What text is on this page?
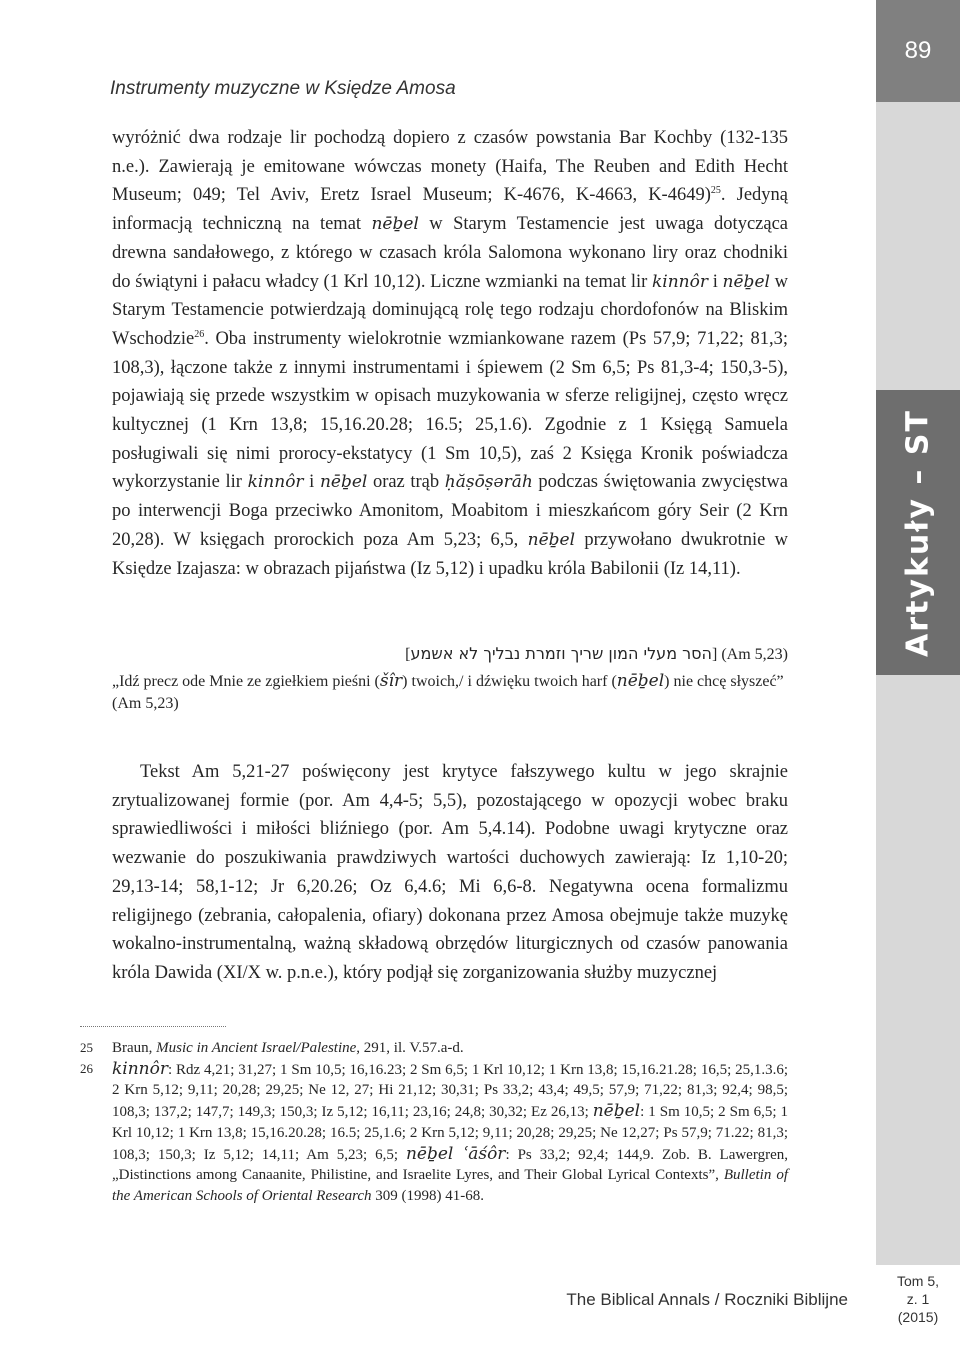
89
Artykuły – ST
Instrumenty muzyczne w Księdze Amosa
wyróżnić dwa rodzaje lir pochodzą dopiero z czasów powstania Bar Kochby (132-135 n.e.). Zawierają je emitowane wówczas monety (Haifa, The Reuben and Edith Hecht Museum; 049; Tel Aviv, Eretz Israel Museum; K-4676, K-4663, K-4649)$^{25}$. Jedyną informacją techniczną na temat nēḇel w Starym Testamencie jest uwaga dotycząca drewna sandałowego, z którego w czasach króla Salomona wykonano liry oraz chodniki do świątyni i pałacu władcy (1 Krl 10,12). Liczne wzmianki na temat lir kinnôr i nēḇel w Starym Testamencie potwierdzają dominującą rolę tego rodzaju chordofonów na Bliskim Wschodzie$^{26}$. Oba instrumenty wielokrotnie wzmiankowane razem (Ps 57,9; 71,22; 81,3; 108,3), łączone także z innymi instrumentami i śpiewem (2 Sm 6,5; Ps 81,3-4; 150,3-5), pojawiają się przede wszystkim w opisach muzykowania w sferze religijnej, często wręcz kultycznej (1 Krn 13,8; 15,16.20.28; 16.5; 25,1.6). Zgodnie z 1 Księgą Samuela posługiwali się nimi prorocy-ekstatycy (1 Sm 10,5), zaś 2 Księga Kronik poświadcza wykorzystanie lir kinnôr i nēḇel oraz trąb ḥăṣōṣərāh podczas świętowania zwycięstwa po interwencji Boga przeciwko Amonitom, Moabitom i mieszkańcom góry Seir (2 Krn 20,28). W księgach prorockich poza Am 5,23; 6,5, nēḇel przywołano dwukrotnie w Księdze Izajasza: w obrazach pijaństwa (Iz 5,12) i upadku króla Babilonii (Iz 14,11).
[הסר מעלי המון שריך וזמרת נבליך לא אשמע] (Am 5,23)
„Idź precz ode Mnie ze zgiełkiem pieśni (šîr) twoich,/ i dźwięku twoich harf (nēḇel) nie chcę słyszeć” (Am 5,23)
Tekst Am 5,21-27 poświęcony jest krytyce fałszywego kultu w jego skrajnie zrytualizowanej formie (por. Am 4,4-5; 5,5), pozostającego w opozycji wobec braku sprawiedliwości i miłości bliźniego (por. Am 5,4.14). Podobne uwagi krytyczne oraz wezwanie do poszukiwania prawdziwych wartości duchowych zawierają: Iz 1,10-20; 29,13-14; 58,1-12; Jr 6,20.26; Oz 6,4.6; Mi 6,6-8. Negatywna ocena formalizmu religijnego (zebrania, całopalenia, ofiary) dokonana przez Amosa obejmuje także muzykę wokalno-instrumentalną, ważną składową obrzędów liturgicznych od czasów panowania króla Dawida (XI/X w. p.n.e.), który podjął się zorganizowania służby muzycznej

25	Braun, Music in Ancient Israel/Palestine, 291, il. V.57.a-d.

26	kinnôr: Rdz 4,21; 31,27; 1 Sm 10,5; 16,16.23; 2 Sm 6,5; 1 Krl 10,12; 1 Krn 13,8; 15,16.21.28; 16,5; 25,1.3.6; 2 Krn 5,12; 9,11; 20,28; 29,25; Ne 12, 27; Hi 21,12; 30,31; Ps 33,2; 43,4; 49,5; 57,9; 71,22; 81,3; 92,4; 98,5; 108,3; 137,2; 147,7; 149,3; 150,3; Iz 5,12; 16,11; 23,16; 24,8; 30,32; Ez 26,13; nēḇel: 1 Sm 10,5; 2 Sm 6,5; 1 Krl 10,12; 1 Krn 13,8; 15,16.20.28; 16.5; 25,1.6; 2 Krn 5,12; 9,11; 20,28; 29,25; Ne 12,27; Ps 57,9; 71.22; 81,3; 108,3; 150,3; Iz 5,12; 14,11; Am 5,23; 6,5; nēḇel ʿāśôr: Ps 33,2; 92,4; 144,9. Zob. B. Lawergren, „Distinctions among Canaanite, Philistine, and Israelite Lyres, and Their Global Lyrical Contexts”, Bulletin of the American Schools of Oriental Research 309 (1998) 41-68.

The Biblical Annals / Roczniki Biblijne
Tom 5,
z. 1
(2015)
